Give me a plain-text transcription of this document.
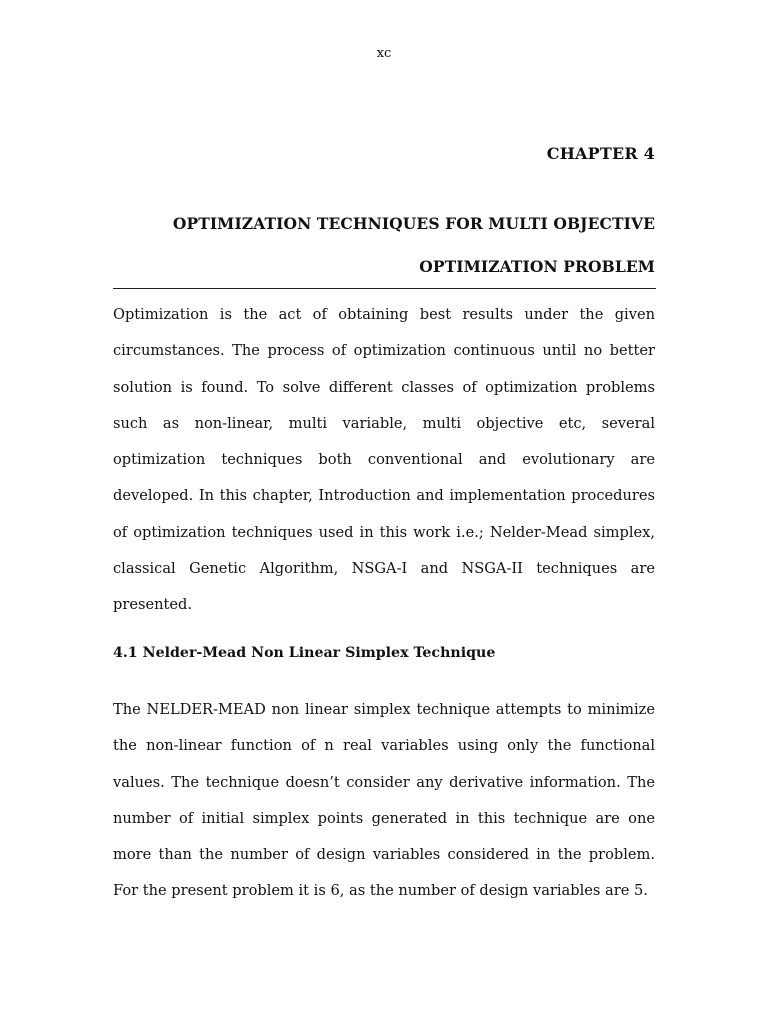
xc
CHAPTER 4
OPTIMIZATION TECHNIQUES FOR MULTI OBJECTIVE OPTIMIZATION PROBLEM

Optimization is the act of obtaining best results under the given circumstances. The process of optimization continuous until no better solution is found. To solve different classes of optimization problems such as non-linear, multi variable, multi objective etc, several optimization techniques both conventional and evolutionary are developed. In this chapter, Introduction and implementation procedures of optimization techniques used in this work i.e.; Nelder-Mead simplex, classical Genetic Algorithm, NSGA-I and NSGA-II techniques are presented.

4.1 Nelder-Mead Non Linear Simplex Technique

The NELDER-MEAD non linear simplex technique attempts to minimize the non-linear function of n real variables using only the functional values. The technique doesn’t consider any derivative information. The number of initial simplex points generated in this technique are one more than the number of design variables considered in the problem. For the present problem it is 6, as the number of design variables are 5.
